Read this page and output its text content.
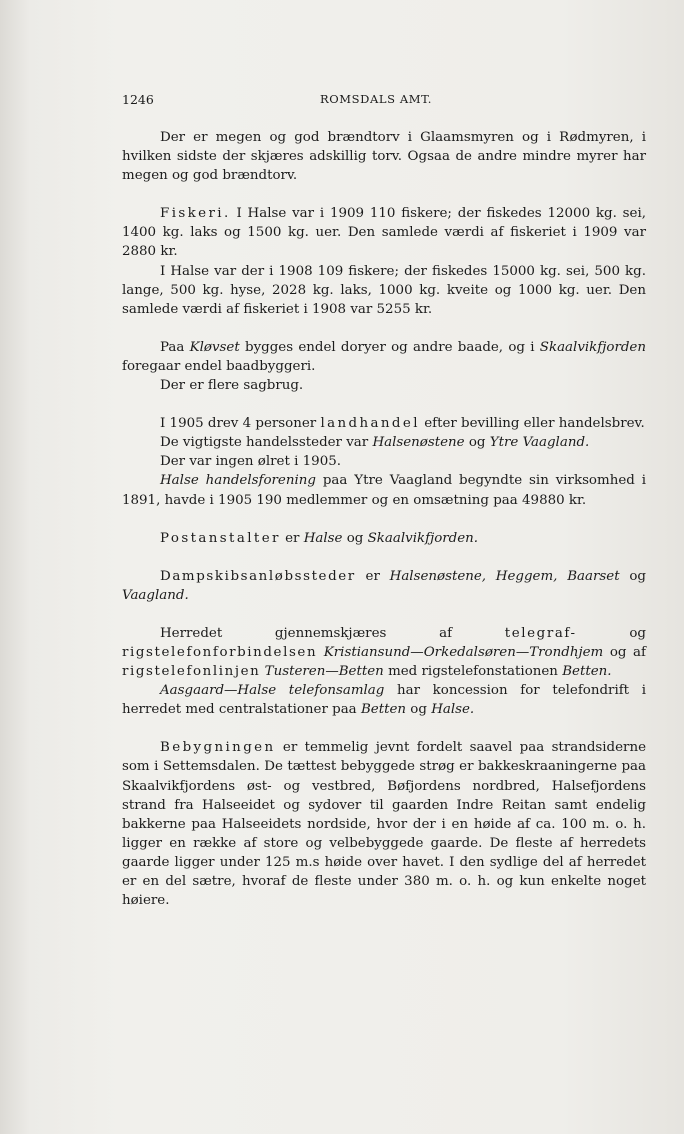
1246	ROMSDALS AMT.

Der er megen og god brændtorv i Glaamsmyren og i Rødmyren, i hvilken sidste der skjæres adskillig torv. Ogsaa de andre mindre myrer har megen og god brændtorv.

Fiskeri. I Halse var i 1909 110 fiskere; der fiskedes 12000 kg. sei, 1400 kg. laks og 1500 kg. uer. Den samlede værdi af fiskeriet i 1909 var 2880 kr.

I Halse var der i 1908 109 fiskere; der fiskedes 15000 kg. sei, 500 kg. lange, 500 kg. hyse, 2028 kg. laks, 1000 kg. kveite og 1000 kg. uer. Den samlede værdi af fiskeriet i 1908 var 5255 kr.

Paa Kløvset bygges endel doryer og andre baade, og i Skaalvikfjorden foregaar endel baadbyggeri.

Der er flere sagbrug.

I 1905 drev 4 personer landhandel efter bevilling eller handelsbrev.

De vigtigste handelssteder var Halsenøstene og Ytre Vaagland.

Der var ingen ølret i 1905.

Halse handelsforening paa Ytre Vaagland begyndte sin virksomhed i 1891, havde i 1905 190 medlemmer og en omsætning paa 49880 kr.

Postanstalter er Halse og Skaalvikfjorden.

Dampskibsanløbssteder er Halsenøstene, Heggem, Baarset og Vaagland.

Herredet gjennemskjæres af	telegraf-	og rigstelefonforbindelsen Kristiansund—Orkedalsøren—Trondhjem og af rigstelefonlinjen Tusteren—Betten med rigstelefonstationen Betten.

Aasgaard—Halse telefonsamlag har koncession for telefondrift i herredet med centralstationer paa Betten og Halse.

Bebygningen er temmelig jevnt fordelt saavel paa strandsiderne som i Settemsdalen. De tættest bebyggede strøg er bakkeskraaningerne paa Skaalvikfjordens øst- og vestbred, Bøfjordens nordbred, Halsefjordens strand fra Halseeidet og sydover til gaarden Indre Reitan samt endelig bakkerne paa Halseeidets nordside, hvor der i en høide af ca. 100 m. o. h. ligger en række af store og velbebyggede gaarde. De fleste af herredets gaarde ligger under 125 m.s høide over havet. I den sydlige del af herredet er en del sætre, hvoraf de fleste under 380 m. o. h. og kun enkelte noget høiere.
